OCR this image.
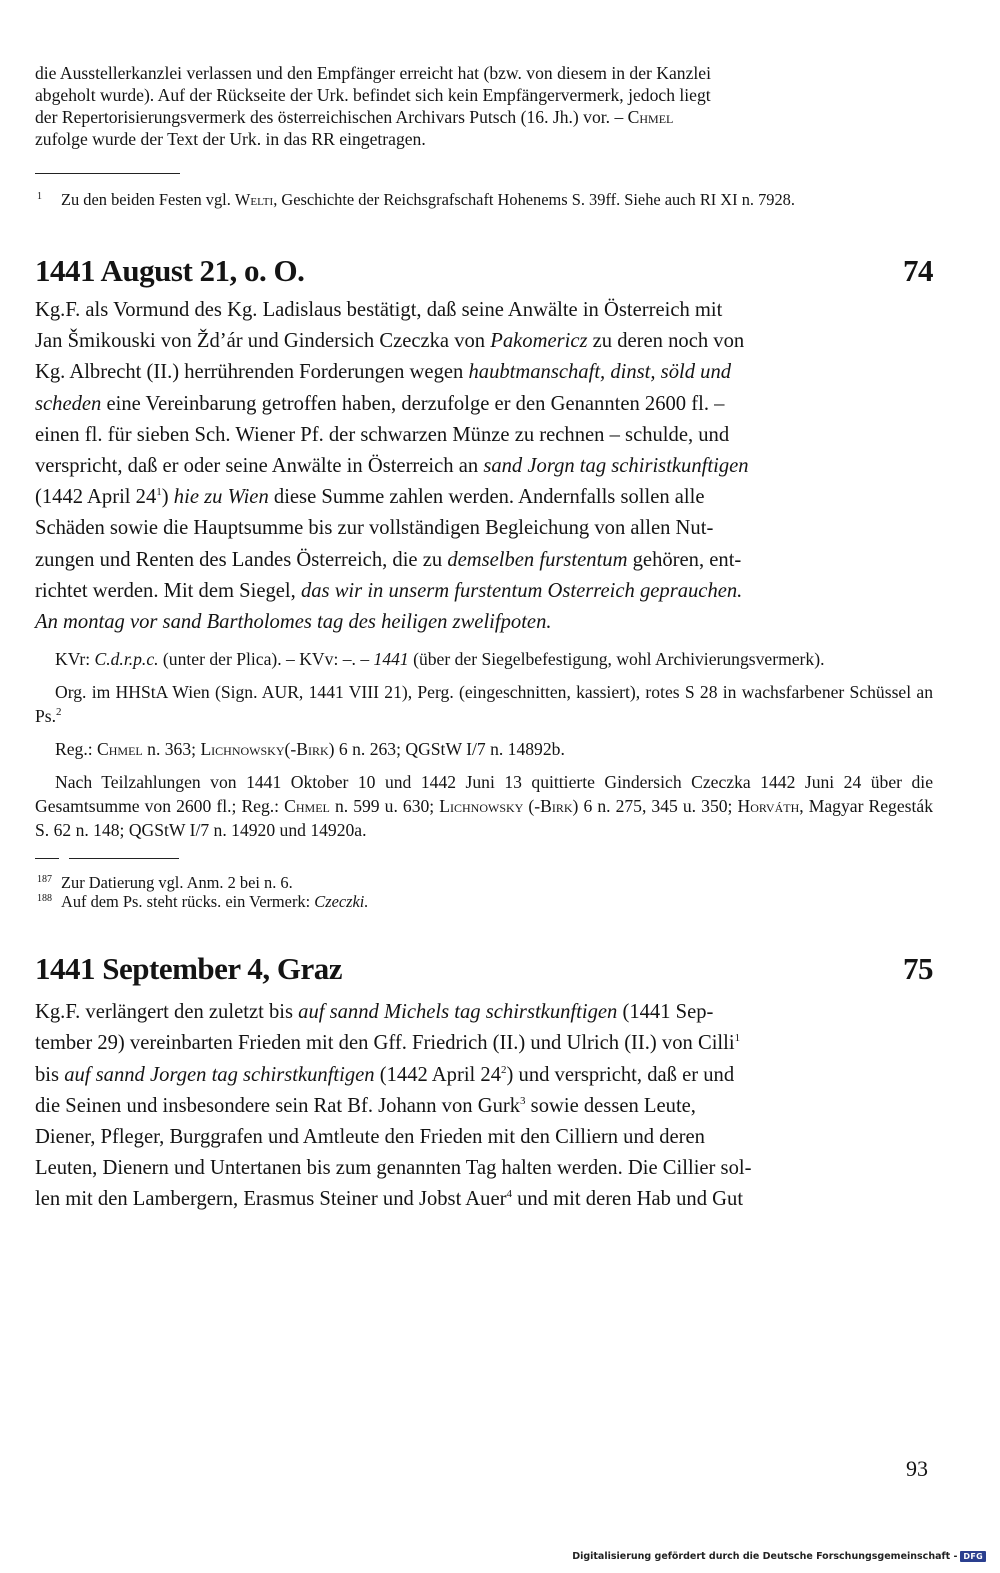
die Ausstellerkanzlei verlassen und den Empfänger erreicht hat (bzw. von diesem in der Kanzlei

abgeholt wurde). Auf der Rückseite der Urk. befindet sich kein Empfängervermerk, jedoch liegt

der Repertorisierungsvermerk des österreichischen Archivars Putsch (16. Jh.) vor. – Chmel

zufolge wurde der Text der Urk. in das RR eingetragen.

1 Zu den beiden Festen vgl. Welti, Geschichte der Reichsgrafschaft Hohenems S. 39ff. Siehe auch RI XI n. 7928.
1441 August 21, o. O.	74
Kg.F. als Vormund des Kg. Ladislaus bestätigt, daß seine Anwälte in Österreich mit
Jan Šmikouski von Žd’ár und Gindersich Czeczka von Pakomericz zu deren noch von
Kg. Albrecht (II.) herrührenden Forderungen wegen haubtmanschaft, dinst, söld und
scheden eine Vereinbarung getroffen haben, derzufolge er den Genannten 2600 fl. –
einen fl. für sieben Sch. Wiener Pf. der schwarzen Münze zu rechnen – schulde, und
verspricht, daß er oder seine Anwälte in Österreich an sand Jorgn tag schiristkunftigen
(1442 April $24^1$) hie zu Wien diese Summe zahlen werden. Andernfalls sollen alle
Schäden sowie die Hauptsumme bis zur vollständigen Begleichung von allen Nut-
zungen und Renten des Landes Österreich, die zu demselben furstentum gehören, ent-
richtet werden. Mit dem Siegel, das wir in unserm furstentum Osterreich geprauchen.
An montag vor sand Bartholomes tag des heiligen zwelifpoten.

KVr: C.d.r.p.c. (unter der Plica). – KVv: –. – 1441 (über der Siegelbefestigung, wohl Archivierungsvermerk).

Org. im HHStA Wien (Sign. AUR, 1441 VIII 21), Perg. (eingeschnitten, kassiert), rotes S 28 in wachsfarbener Schüssel an Ps.$^2$

Reg.: Chmel n. 363; Lichnowsky(-Birk) 6 n. 263; QGStW I/7 n. 14892b.

Nach Teilzahlungen von 1441 Oktober 10 und 1442 Juni 13 quittierte Gindersich Czeczka 1442 Juni 24 über die Gesamtsumme von 2600 fl.; Reg.: Chmel n. 599 u. 630; Lichnowsky (-Birk) 6 n. 275, 345 u. 350; Horváth, Magyar Regesták S. 62 n. 148; QGStW I/7 n. 14920 und 14920a.

187 Zur Datierung vgl. Anm. 2 bei n. 6.
188 Auf dem Ps. steht rücks. ein Vermerk: Czeczki.
1441 September 4, Graz	75
Kg.F. verlängert den zuletzt bis auf sannd Michels tag schirstkunftigen (1441 Sep-
tember 29) vereinbarten Frieden mit den Gff. Friedrich (II.) und Ulrich (II.) von Cilli$^1$
bis auf sannd Jorgen tag schirstkunftigen (1442 April $24^2$) und verspricht, daß er und
die Seinen und insbesondere sein Rat Bf. Johann von Gurk$^3$ sowie dessen Leute,
Diener, Pfleger, Burggrafen und Amtleute den Frieden mit den Cilliern und deren
Leuten, Dienern und Untertanen bis zum genannten Tag halten werden. Die Cillier sol-
len mit den Lambergern, Erasmus Steiner und Jobst Auer$^4$ und mit deren Hab und Gut
93
Digitalisierung gefördert durch die Deutsche Forschungsgemeinschaft - DFG
